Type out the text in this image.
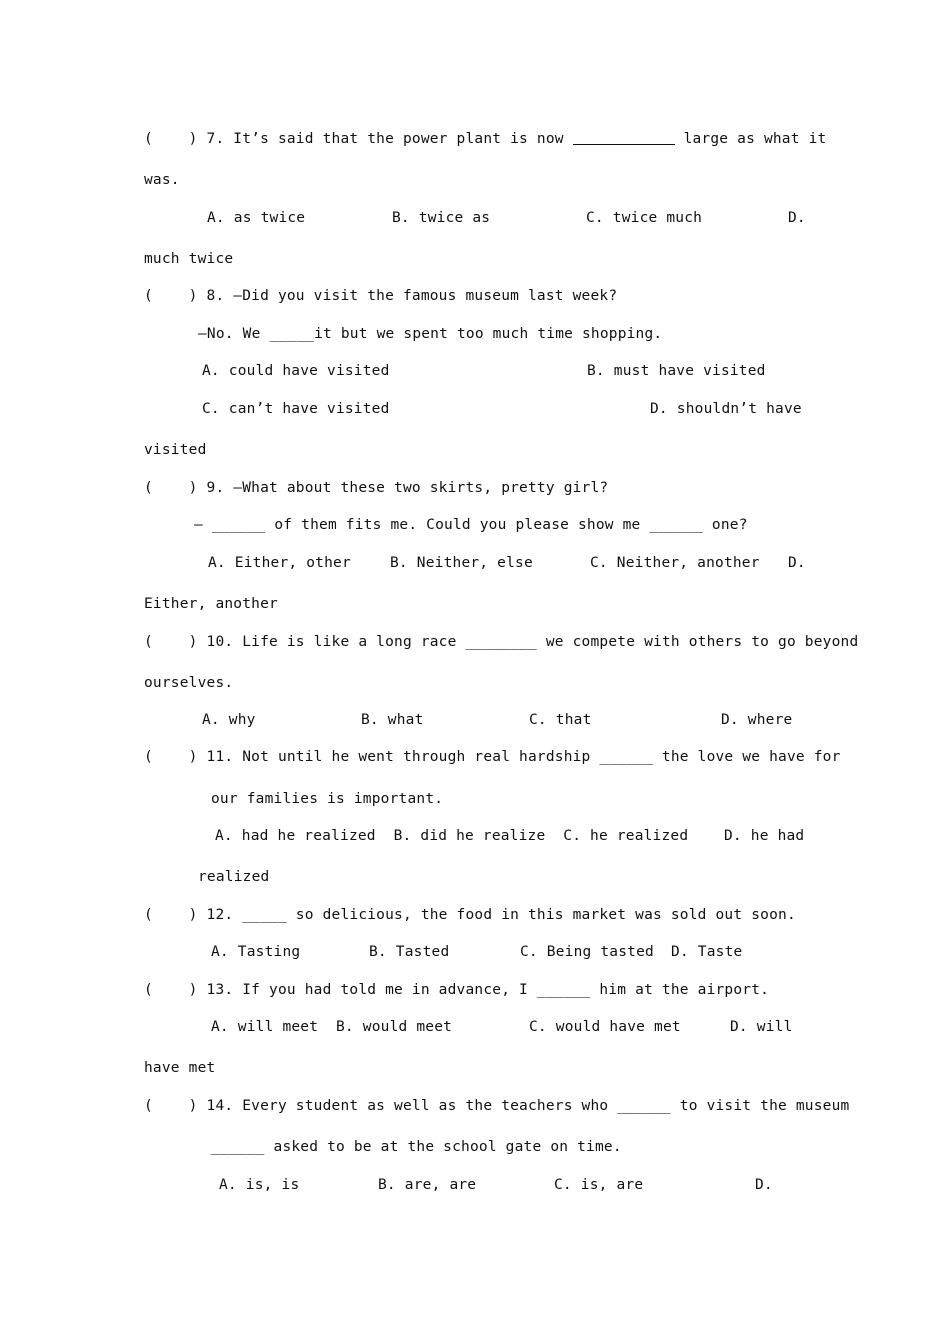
(    ) 7. It’s said that the power plant is now	large as what it
was.
A. as twice	B. twice as	C. twice much	D.
much twice
(    ) 8. —Did you visit the famous museum last week?
—No. We _____it but we spent too much time shopping.
A. could have visited	B. must have visited
C. can’t have visited	D. shouldn’t have
visited
(    ) 9. —What about these two skirts, pretty girl?
— ______ of them fits me. Could you please show me ______ one?
A. Either, other	B. Neither, else	C. Neither, another D.
Either, another
(    ) 10. Life is like a long race ________ we compete with others to go beyond
ourselves.
A. why	B. what	C. that	D. where
(    ) 11. Not until he went through real hardship ______ the love we have for
our families is important.
A. had he realized  B. did he realize  C. he realized    D. he had
realized
(    ) 12. _____ so delicious, the food in this market was sold out soon.
A. Tasting	B. Tasted	C. Being tasted D. Taste
(    ) 13. If you had told me in advance, I ______ him at the airport.
A. will meet B. would meet	C. would have met	D. will
have met
(    ) 14. Every student as well as the teachers who ______ to visit the museum
______ asked to be at the school gate on time.
A. is, is	B. are, are	C. is, are	D.
